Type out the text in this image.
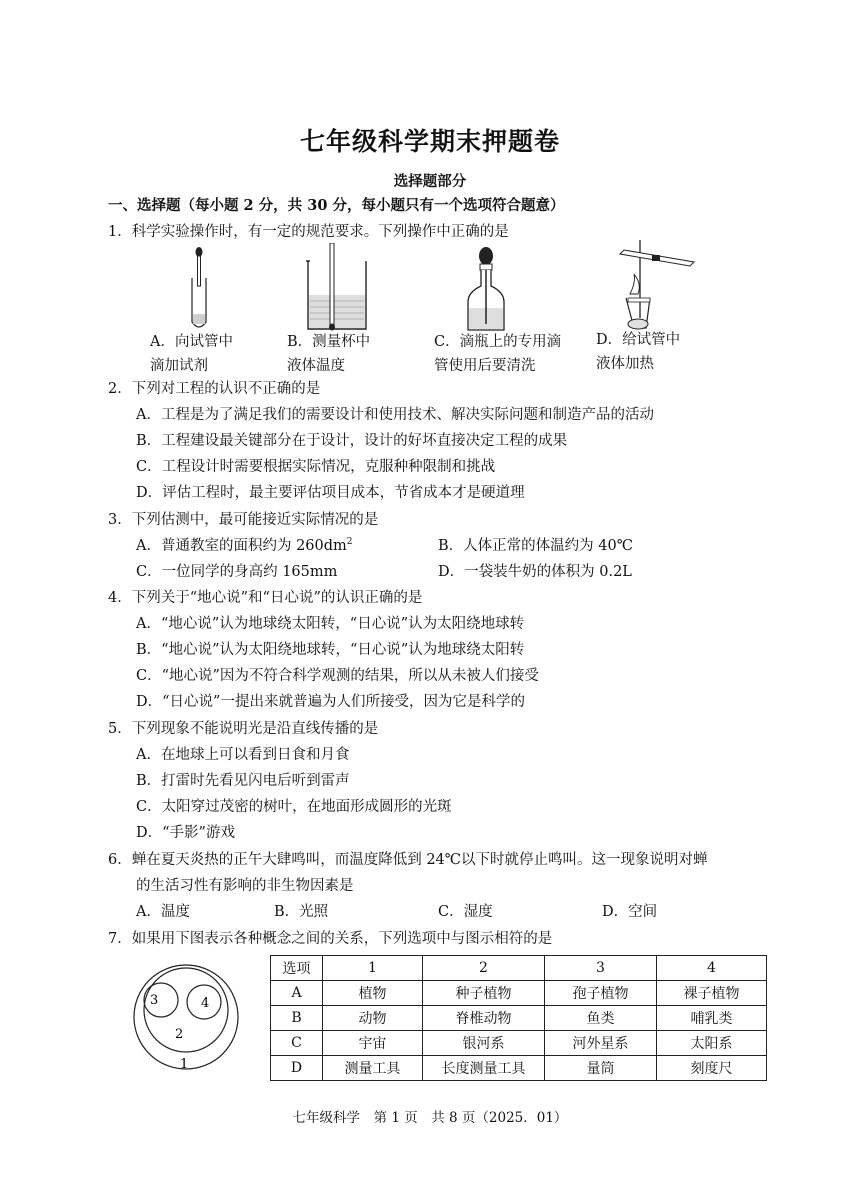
七年级科学期末押题卷
选择题部分
一、选择题（每小题 2 分，共 30 分，每小题只有一个选项符合题意）
1．科学实验操作时，有一定的规范要求。下列操作中正确的是
A．向试管中
滴加试剂
B．测量杯中
液体温度
C．滴瓶上的专用滴
管使用后要清洗
D．给试管中
液体加热
2．下列对工程的认识不正确的是
A．工程是为了满足我们的需要设计和使用技术、解决实际问题和制造产品的活动
B．工程建设最关键部分在于设计，设计的好坏直接决定工程的成果
C．工程设计时需要根据实际情况，克服种种限制和挑战
D．评估工程时，最主要评估项目成本，节省成本才是硬道理
3．下列估测中，最可能接近实际情况的是
A．普通教室的面积约为 $260dm^2$	B．人体正常的体温约为 40℃
C．一位同学的身高约 165mm	D．一袋装牛奶的体积为 0.2L
4．下列关于“地心说”和“日心说”的认识正确的是
A．“地心说”认为地球绕太阳转，“日心说”认为太阳绕地球转
B．“地心说”认为太阳绕地球转，“日心说”认为地球绕太阳转
C．“地心说”因为不符合科学观测的结果，所以从未被人们接受
D．“日心说”一提出来就普遍为人们所接受，因为它是科学的
5．下列现象不能说明光是沿直线传播的是
A．在地球上可以看到日食和月食
B．打雷时先看见闪电后听到雷声
C．太阳穿过茂密的树叶，在地面形成圆形的光斑
D．“手影”游戏
6．蝉在夏天炎热的正午大肆鸣叫，而温度降低到 24℃以下时就停止鸣叫。这一现象说明对蝉
的生活习性有影响的非生物因素是
A．温度	B．光照	C．湿度	D．空间
7．如果用下图表示各种概念之间的关系，下列选项中与图示相符的是
1
2
3	4
选项	1	2	3	4
A	植物	种子植物	孢子植物	裸子植物
B	动物	脊椎动物	鱼类	哺乳类
C	宇宙	银河系	河外星系	太阳系
D	测量工具	长度测量工具	量筒	刻度尺
七年级科学　第 1 页　共 8 页（2025．01）
